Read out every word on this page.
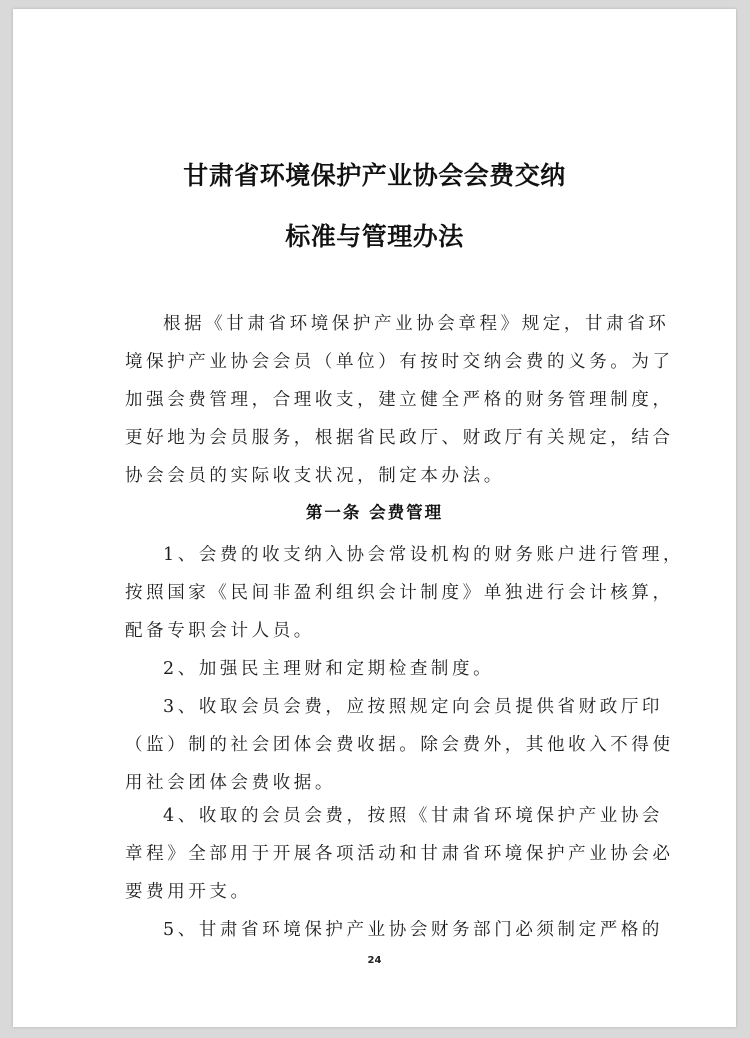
甘肃省环境保护产业协会会费交纳
标准与管理办法
根据《甘肃省环境保护产业协会章程》规定，甘肃省环
境保护产业协会会员（单位）有按时交纳会费的义务。为了
加强会费管理，合理收支，建立健全严格的财务管理制度，
更好地为会员服务，根据省民政厅、财政厅有关规定，结合
协会会员的实际收支状况，制定本办法。
第一条 会费管理
1、会费的收支纳入协会常设机构的财务账户进行管理，
按照国家《民间非盈利组织会计制度》单独进行会计核算，
配备专职会计人员。
2、加强民主理财和定期检查制度。
3、收取会员会费，应按照规定向会员提供省财政厅印
（监）制的社会团体会费收据。除会费外，其他收入不得使
用社会团体会费收据。
4、收取的会员会费，按照《甘肃省环境保护产业协会
章程》全部用于开展各项活动和甘肃省环境保护产业协会必
要费用开支。
5、甘肃省环境保护产业协会财务部门必须制定严格的
24
